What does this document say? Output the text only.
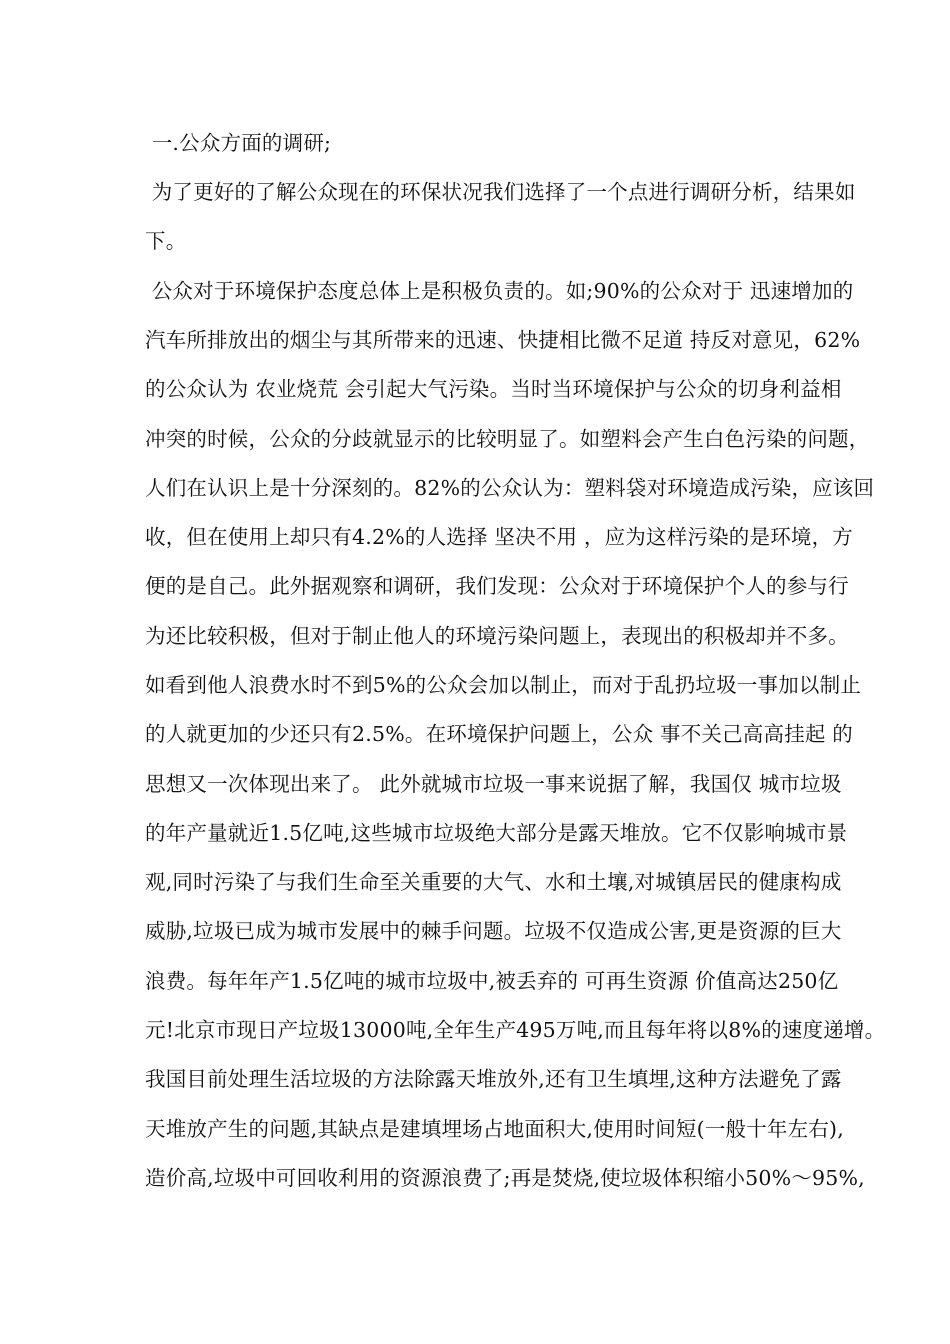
一.公众方面的调研;
为了更好的了解公众现在的环保状况我们选择了一个点进行调研分析，结果如
下。
公众对于环境保护态度总体上是积极负责的。如;90%的公众对于 迅速增加的
汽车所排放出的烟尘与其所带来的迅速、快捷相比微不足道 持反对意见，62%
的公众认为 农业烧荒 会引起大气污染。当时当环境保护与公众的切身利益相
冲突的时候，公众的分歧就显示的比较明显了。如塑料会产生白色污染的问题，
人们在认识上是十分深刻的。82%的公众认为：塑料袋对环境造成污染，应该回
收，但在使用上却只有4.2%的人选择 坚决不用 ，应为这样污染的是环境，方
便的是自己。此外据观察和调研，我们发现：公众对于环境保护个人的参与行
为还比较积极，但对于制止他人的环境污染问题上，表现出的积极却并不多。
如看到他人浪费水时不到5%的公众会加以制止，而对于乱扔垃圾一事加以制止
的人就更加的少还只有2.5%。在环境保护问题上，公众 事不关己高高挂起 的
思想又一次体现出来了。 此外就城市垃圾一事来说据了解，我国仅 城市垃圾
的年产量就近1.5亿吨,这些城市垃圾绝大部分是露天堆放。它不仅影响城市景
观,同时污染了与我们生命至关重要的大气、水和土壤,对城镇居民的健康构成
威胁,垃圾已成为城市发展中的棘手问题。垃圾不仅造成公害,更是资源的巨大
浪费。每年年产1.5亿吨的城市垃圾中,被丢弃的 可再生资源 价值高达250亿
元!北京市现日产垃圾13000吨,全年生产495万吨,而且每年将以8%的速度递增。
我国目前处理生活垃圾的方法除露天堆放外,还有卫生填埋,这种方法避免了露
天堆放产生的问题,其缺点是建填埋场占地面积大,使用时间短(一般十年左右),
造价高,垃圾中可回收利用的资源浪费了;再是焚烧,使垃圾体积缩小50%～95%,
